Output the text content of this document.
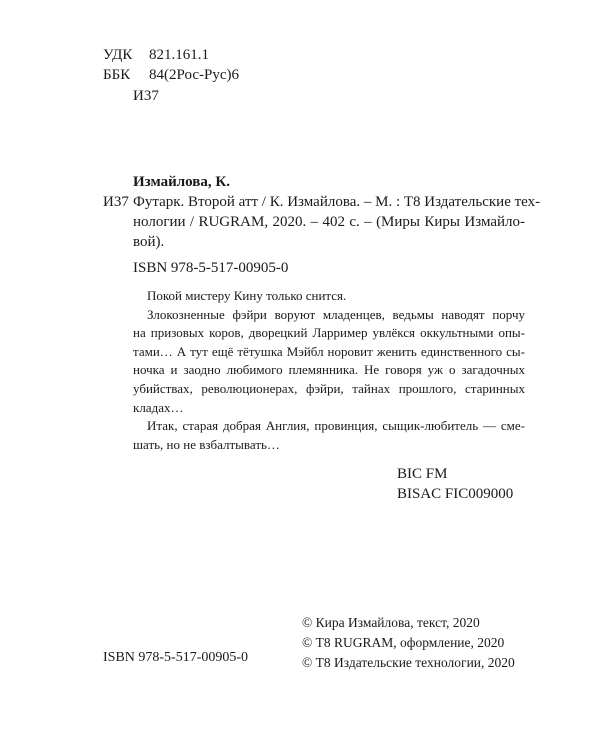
УДК 821.161.1
ББК 84(2Рос-Рус)6
И37
Измайлова, К.
И37 Футарк. Второй атт / К. Измайлова. – М. : Т8 Издательские тех-
нологии / RUGRAM, 2020. – 402 с. – (Миры Киры Измайло-
вой).
ISBN 978-5-517-00905-0
Покой мистеру Кину только снится.
Злокозненные фэйри воруют младенцев, ведьмы наводят порчу
на призовых коров, дворецкий Ларример увлёкся оккультными опы-
тами… А тут ещё тётушка Мэйбл норовит женить единственного сы-
ночка и заодно любимого племянника. Не говоря уж о загадочных
убийствах, революционерах, фэйри, тайнах прошлого, старинных
кладах…
Итак, старая добрая Англия, провинция, сыщик-любитель — сме-
шать, но не взбалтывать…
BIC FM
BISAC FIC009000
ISBN 978-5-517-00905-0
© Кира Измайлова, текст, 2020
© Т8 RUGRAM, оформление, 2020
© Т8 Издательские технологии, 2020
